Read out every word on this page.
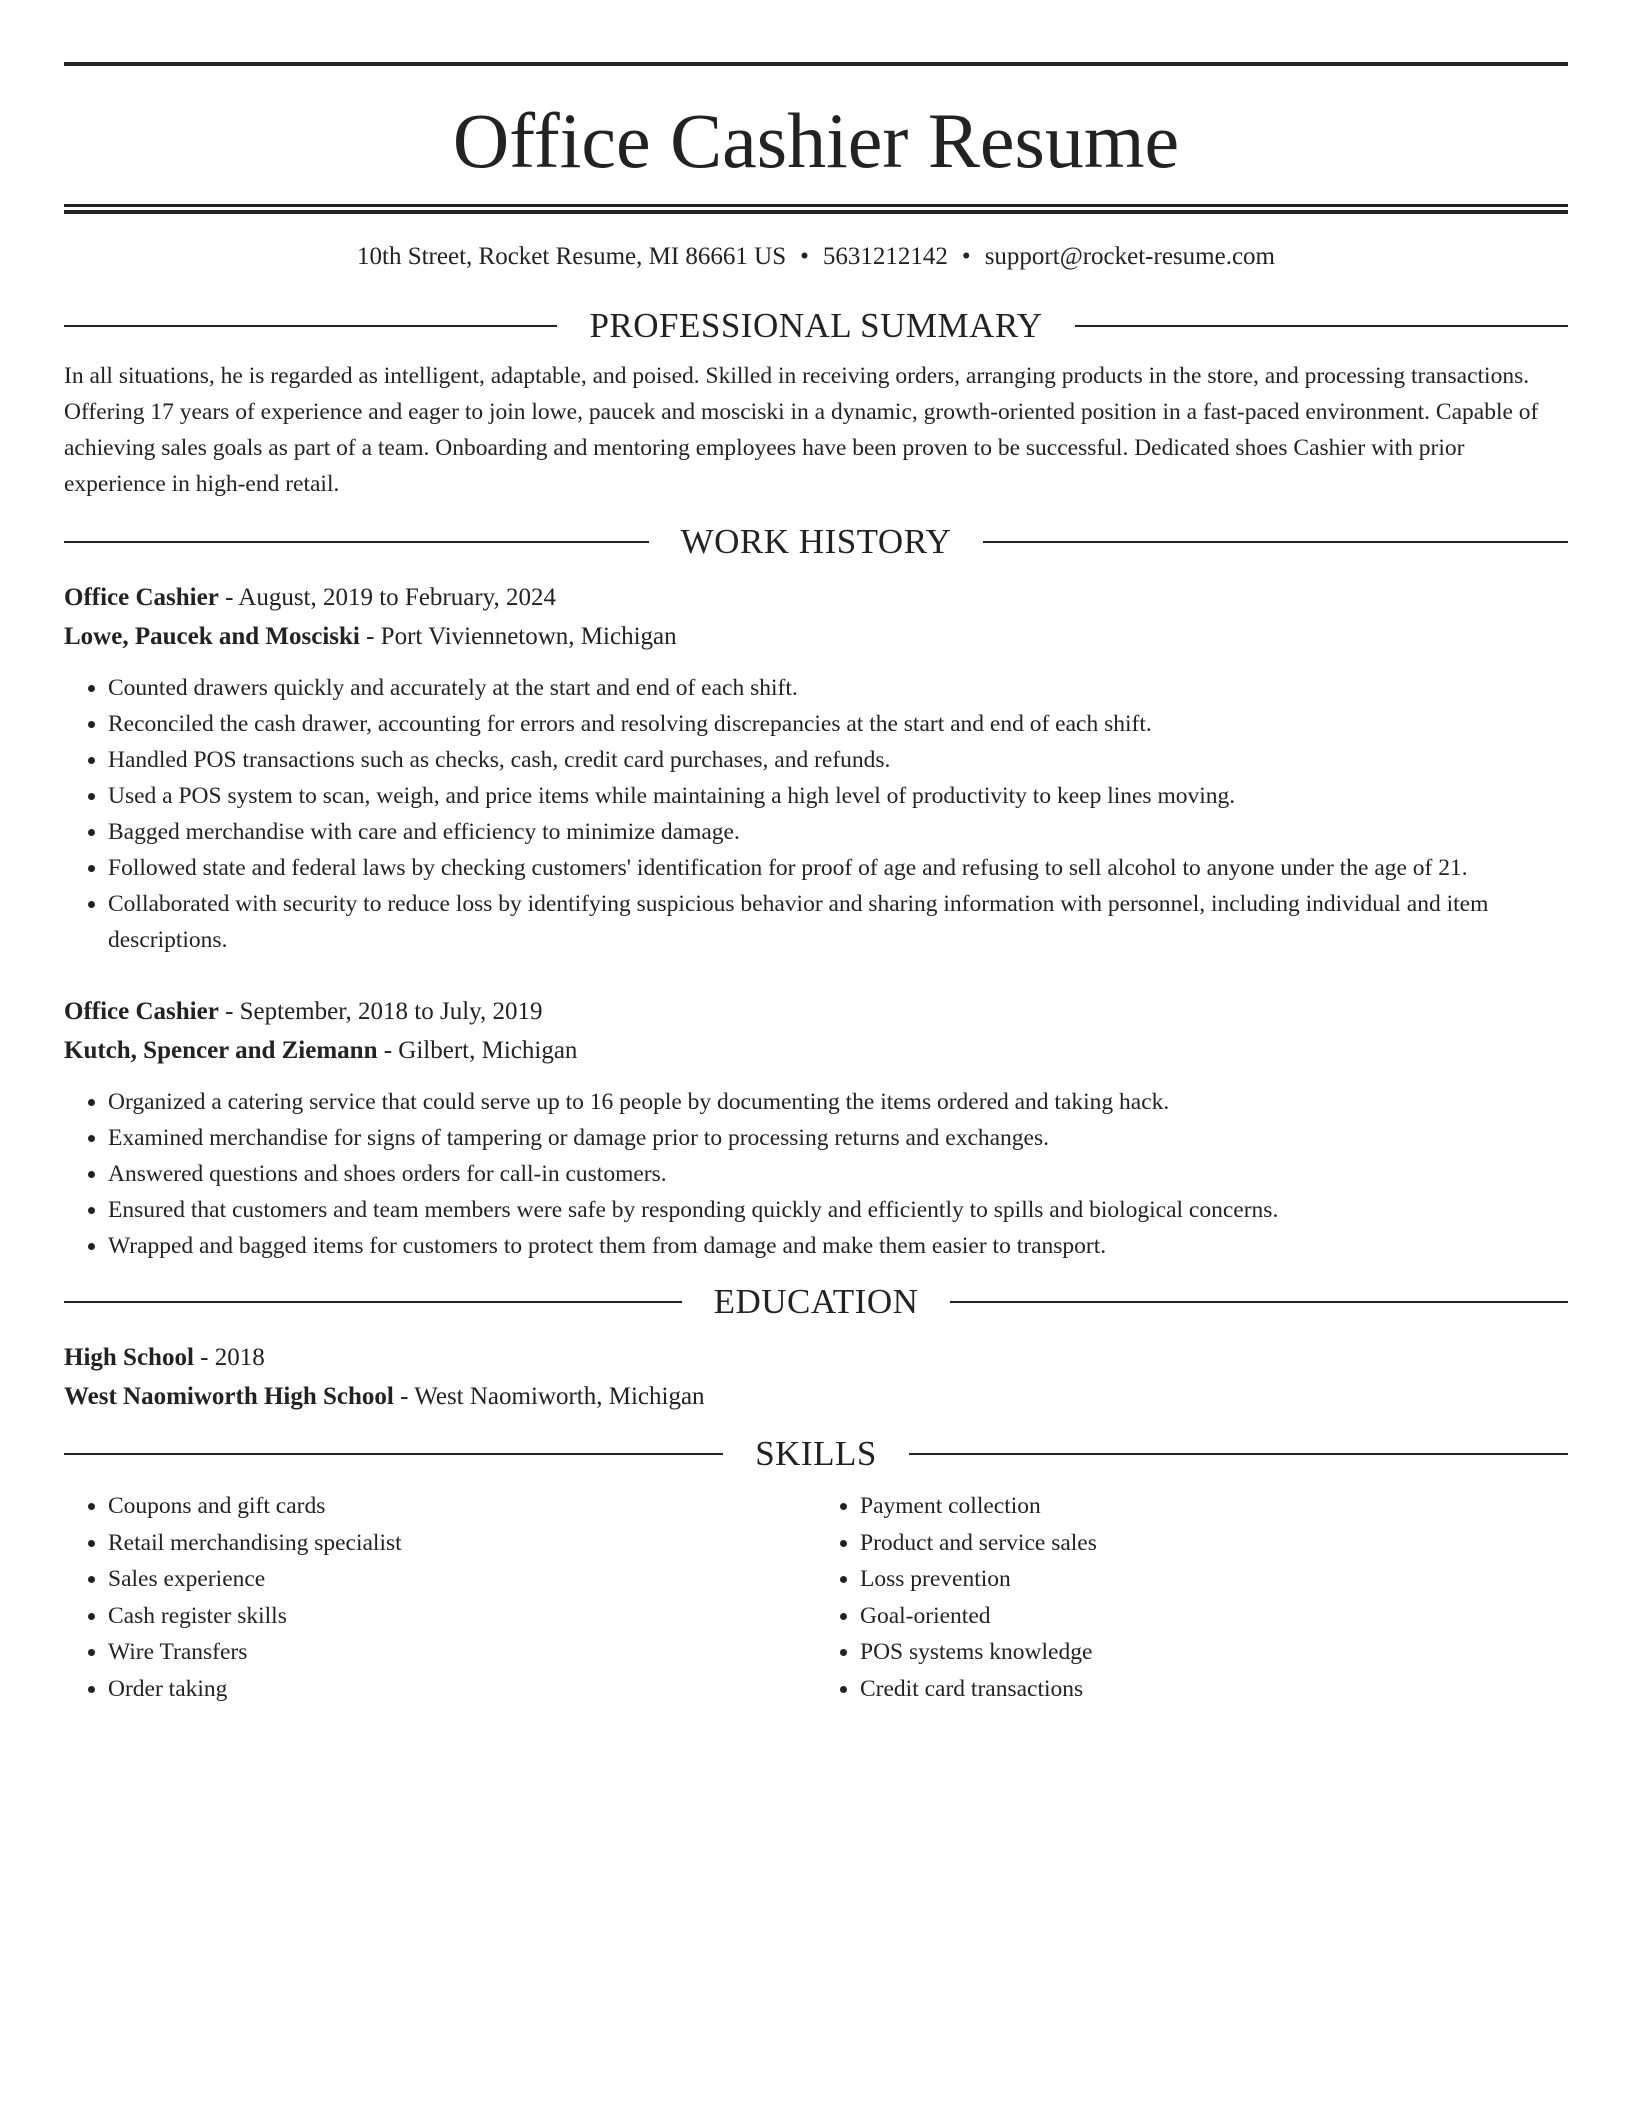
Office Cashier Resume
10th Street, Rocket Resume, MI 86661 US • 5631212142 • support@rocket-resume.com
PROFESSIONAL SUMMARY
In all situations, he is regarded as intelligent, adaptable, and poised. Skilled in receiving orders, arranging products in the store, and processing transactions. Offering 17 years of experience and eager to join lowe, paucek and mosciski in a dynamic, growth-oriented position in a fast-paced environment. Capable of achieving sales goals as part of a team. Onboarding and mentoring employees have been proven to be successful. Dedicated shoes Cashier with prior experience in high-end retail.
WORK HISTORY
Office Cashier - August, 2019 to February, 2024
Lowe, Paucek and Mosciski - Port Viviennetown, Michigan
• Counted drawers quickly and accurately at the start and end of each shift.
• Reconciled the cash drawer, accounting for errors and resolving discrepancies at the start and end of each shift.
• Handled POS transactions such as checks, cash, credit card purchases, and refunds.
• Used a POS system to scan, weigh, and price items while maintaining a high level of productivity to keep lines moving.
• Bagged merchandise with care and efficiency to minimize damage.
• Followed state and federal laws by checking customers' identification for proof of age and refusing to sell alcohol to anyone under the age of 21.
• Collaborated with security to reduce loss by identifying suspicious behavior and sharing information with personnel, including individual and item descriptions.
Office Cashier - September, 2018 to July, 2019
Kutch, Spencer and Ziemann - Gilbert, Michigan
• Organized a catering service that could serve up to 16 people by documenting the items ordered and taking hack.
• Examined merchandise for signs of tampering or damage prior to processing returns and exchanges.
• Answered questions and shoes orders for call-in customers.
• Ensured that customers and team members were safe by responding quickly and efficiently to spills and biological concerns.
• Wrapped and bagged items for customers to protect them from damage and make them easier to transport.
EDUCATION
High School - 2018
West Naomiworth High School - West Naomiworth, Michigan
SKILLS
• Coupons and gift cards
• Retail merchandising specialist
• Sales experience
• Cash register skills
• Wire Transfers
• Order taking
• Payment collection
• Product and service sales
• Loss prevention
• Goal-oriented
• POS systems knowledge
• Credit card transactions
